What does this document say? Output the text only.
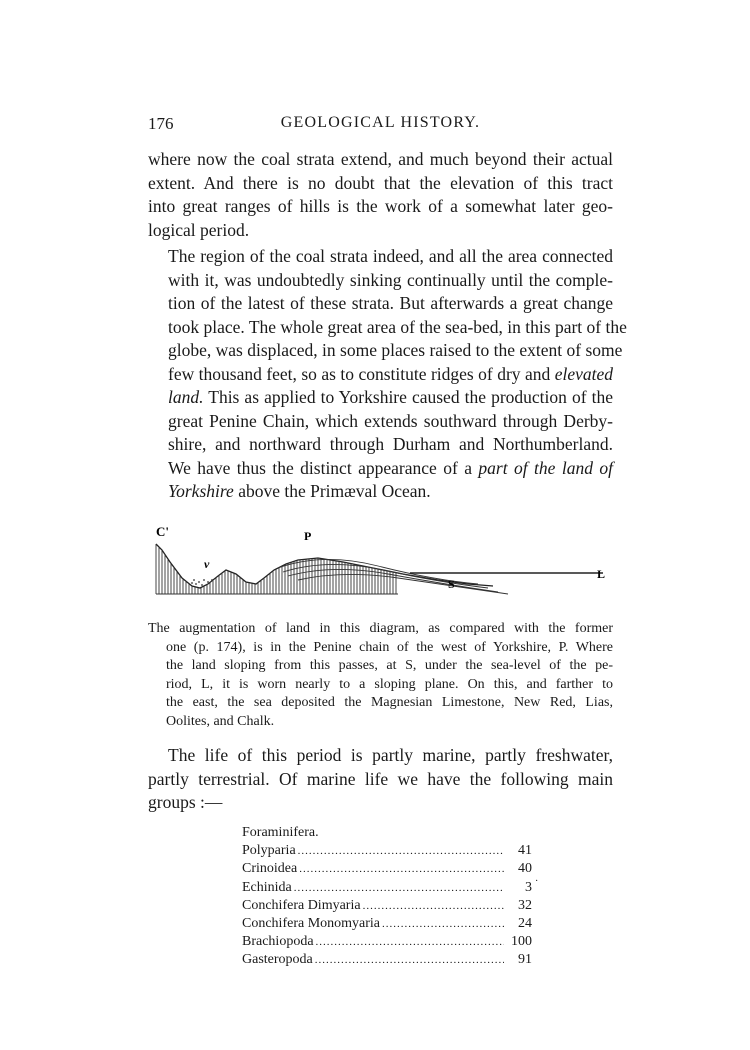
176	GEOLOGICAL HISTORY.

where now the coal strata extend, and much beyond their actual
extent. And there is no doubt that the elevation of this tract
into great ranges of hills is the work of a somewhat later geo-
logical period.

The region of the coal strata indeed, and all the area connected
with it, was undoubtedly sinking continually until the comple-
tion of the latest of these strata. But afterwards a great change
took place. The whole great area of the sea-bed, in this part of the
globe, was displaced, in some places raised to the extent of some
few thousand feet, so as to constitute ridges of dry and elevated
land. This as applied to Yorkshire caused the production of the
great Penine Chain, which extends southward through Derby-
shire, and northward through Durham and Northumberland.
We have thus the distinct appearance of a part of the land of
Yorkshire above the Primæval Ocean.

C'
v
P
S
L
The augmentation of land in this diagram, as compared with the former
one (p. 174), is in the Penine chain of the west of Yorkshire, P. Where
the land sloping from this passes, at S, under the sea-level of the pe-
riod, L, it is worn nearly to a sloping plane. On this, and farther to
the east, the sea deposited the Magnesian Limestone, New Red, Lias,
Oolites, and Chalk.
The life of this period is partly marine, partly freshwater,
partly terrestrial. Of marine life we have the following main
groups :—
Foraminifera.
Polyparia .....	41
Crinoidea .....	40
Echinida .....	3
Conchifera Dimyaria .....	32
Conchifera Monomyaria .....	24
Brachiopoda .....	100
Gasteropoda .....	91
·
